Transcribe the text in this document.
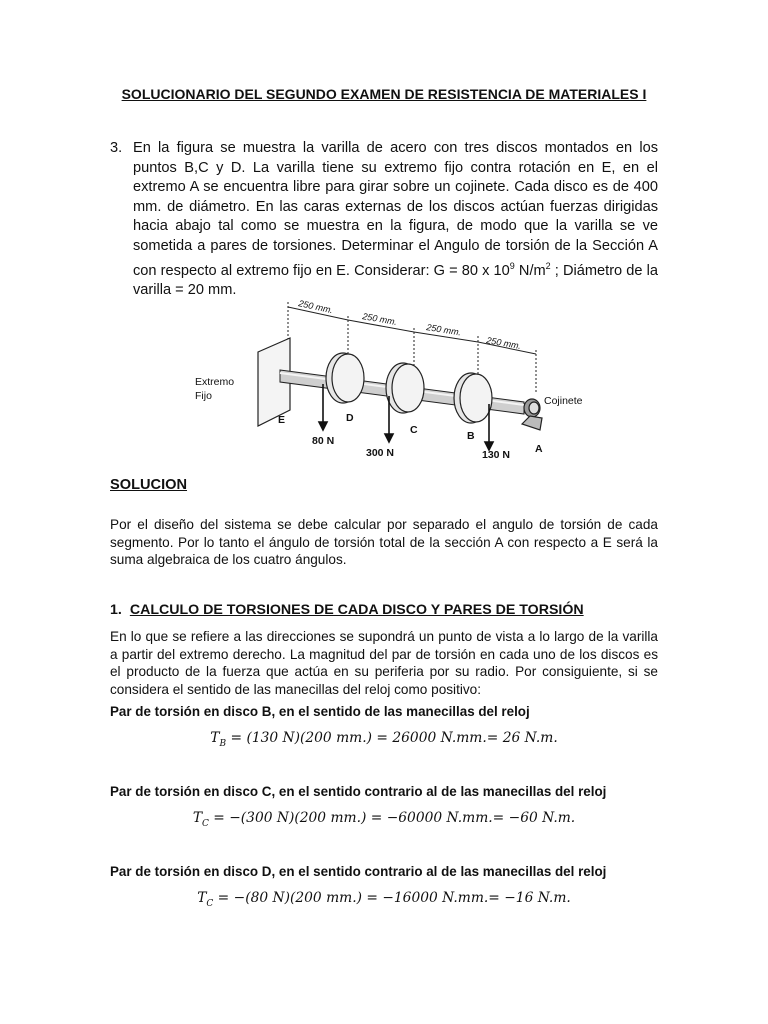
SOLUCIONARIO DEL SEGUNDO EXAMEN DE RESISTENCIA DE MATERIALES I
3. En la figura se muestra la varilla de acero con tres discos montados en los puntos B,C y D. La varilla tiene su extremo fijo contra rotación en E, en el extremo A se encuentra libre para girar sobre un cojinete. Cada disco es de 400 mm. de diámetro. En las caras externas de los discos actúan fuerzas dirigidas hacia abajo tal como se muestra en la figura, de modo que la varilla se ve sometida a pares de torsiones. Determinar el Angulo de torsión de la Sección A con respecto al extremo fijo en E. Considerar: G = 80 x $10^9$ $N/m^2$ ; Diámetro de la varilla = 20 mm.
250 mm.
250 mm.
250 mm.
250 mm.
Extremo
Fijo	Cojinete
E	D
C	B
A
80 N
300 N	130 N
SOLUCION
Por el diseño del sistema se debe calcular por separado el angulo de torsión de cada segmento. Por lo tanto el ángulo de torsión total de la sección A con respecto a E será la suma algebraica de los cuatro ángulos.
1. CALCULO DE TORSIONES DE CADA DISCO Y PARES DE TORSIÓN
En lo que se refiere a las direcciones se supondrá un punto de vista a lo largo de la varilla a partir del extremo derecho. La magnitud del par de torsión en cada uno de los discos es el producto de la fuerza que actúa en su periferia por su radio. Por consiguiente, si se considera el sentido de las manecillas del reloj como positivo:
Par de torsión en disco B, en el sentido de las manecillas del reloj
$T_B = (130$ N)(200 mm.) = 26000 N.mm.= 26 N.m.
Par de torsión en disco C, en el sentido contrario al de las manecillas del reloj
$T_C = -(300$ N)(200 mm.) = −60000 N.mm.= −60 N.m.
Par de torsión en disco D, en el sentido contrario al de las manecillas del reloj
$T_C = -(80$ N)(200 mm.) = −16000 N.mm.= −16 N.m.
